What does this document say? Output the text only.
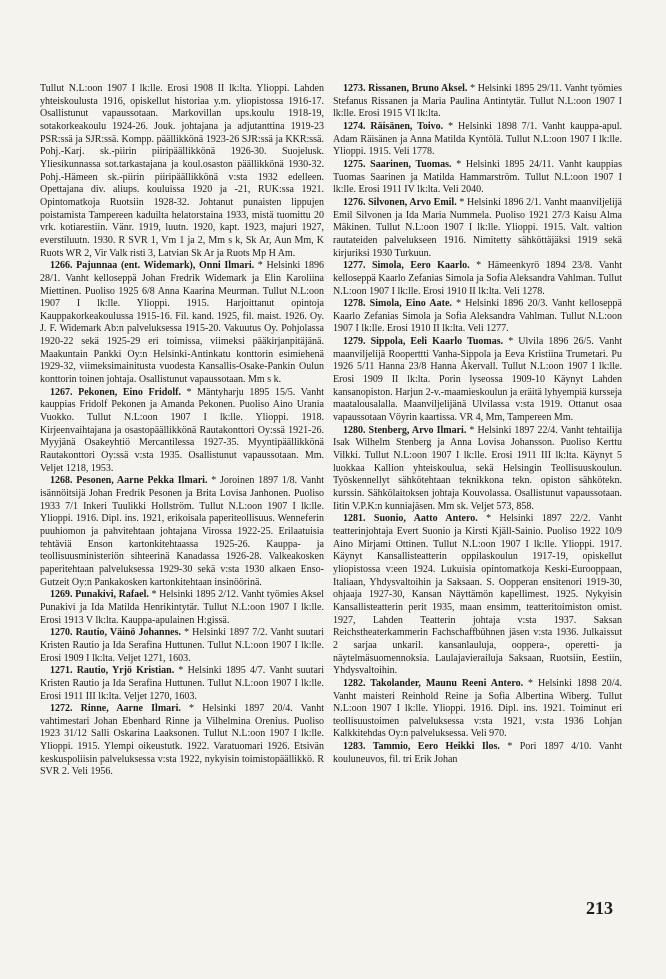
Tullut N.L:oon 1907 I lk:lle. Erosi 1908 II lk:lta. Ylioppi. Lahden yhteiskoulusta 1916, opiskellut historiaa y.m. yliopistossa 1916-17. Osallistunut vapaussotaan. Markovillan ups.koulu 1918-19, sotakorkeakoulu 1924-26. Jouk. johtajana ja adjutanttina 1919-23 PSR:ssä ja SJR:ssä. Kompp. päällikkönä 1923-26 SJR:ssä ja KKR:ssä. Pohj.-Karj. sk.-piirin piiripäällikkönä 1926-30. Suojelusk. Yliesikunnassa sot.tarkastajana ja koul.osaston päällikkönä 1930-32. Pohj.-Hämeen sk.-piirin piiripäällikkönä v:sta 1932 edelleen. Opettajana div. aliups. kouluissa 1920 ja -21, RUK:ssa 1921. Opintomatkoja Ruotsiin 1928-32. Johtanut punaisten lippujen poistamista Tampereen kaduilta helatorstaina 1933, mistä tuomittu 20 vrk. kotiarestiin. Vänr. 1919, luutn. 1920, kapt. 1923, majuri 1927, everstiluutn. 1930. R SVR 1, Vm 1 ja 2, Mm s k, Sk Ar, Aun Mm, K Ruots WR 2, Vir Valk risti 3, Latvian Sk Ar ja Ruots Mp H Am.

1266. Pajunnaa (ent. Widemark), Onni Ilmari. * Helsinki 1896 28/1. Vanht kelloseppä Johan Fredrik Widemark ja Elin Karoliina Miettinen. Puoliso 1925 6/8 Anna Kaarina Meurman. Tullut N.L:oon 1907 I lk:lle. Ylioppi. 1915. Harjoittanut opintoja Kauppakorkeakoulussa 1915-16. Fil. kand. 1925, fil. maist. 1926. Oy. J. F. Widemark Ab:n palveluksessa 1915-20. Vakuutus Oy. Pohjolassa 1920-22 sekä 1925-29 eri toimissa, viimeksi pääkirjanpitäjänä. Maakuntain Pankki Oy:n Helsinki-Antinkatu konttorin esimiehenä 1929-32, viimeksimainitusta vuodesta Kansallis-Osake-Pankin Oulun konttorin toinen johtaja. Osallistunut vapaussotaan. Mm s k.

1267. Pekonen, Eino Fridolf. * Mäntyharju 1895 15/5. Vanht kauppias Fridolf Pekonen ja Amanda Pekonen. Puoliso Aino Urania Vuokko. Tullut N.L:oon 1907 I lk:lle. Ylioppi. 1918. Kirjeenvaihtajana ja osastopäällikkönä Rautakonttori Oy:ssä 1921-26. Myyjänä Osakeyhtiö Mercantilessa 1927-35. Myyntipäällikkönä Rautakonttori Oy:ssä v:sta 1935. Osallistunut vapaussotaan. Mm. Veljet 1218, 1953.

1268. Pesonen, Aarne Pekka Ilmari. * Joroinen 1897 1/8. Vanht isännöitsijä Johan Fredrik Pesonen ja Brita Lovisa Janhonen. Puoliso 1933 7/1 Inkeri Tuulikki Hollström. Tullut N.L:oon 1907 I lk:lle. Ylioppi. 1916. Dipl. ins. 1921, erikoisala paperiteollisuus. Wenneferin puuhiomon ja pahvitehtaan johtajana Virossa 1922-25. Erilaatuisia tehtäviä Enson kartonkitehtaassa 1925-26. Kauppa- ja teollisuusministeriön sihteerinä Kanadassa 1926-28. Valkeakosken paperitehtaan palveluksessa 1929-30 sekä v:sta 1930 alkaen Enso-Gutzeit Oy:n Pankakosken kartonkitehtaan insinöörinä.

1269. Punakivi, Rafael. * Helsinki 1895 2/12. Vanht työmies Aksel Punakivi ja Ida Matilda Henrikintytär. Tullut N.L:oon 1907 I lk:lle. Erosi 1913 V lk:lta. Kauppa-apulainen H:gissä.

1270. Rautio, Väinö Johannes. * Helsinki 1897 7/2. Vanht suutari Kristen Rautio ja Ida Serafina Huttunen. Tullut N.L:oon 1907 I lk:lle. Erosi 1909 I lk:lta. Veljet 1271, 1603.

1271. Rautio, Yrjö Kristian. * Helsinki 1895 4/7. Vanht suutari Kristen Rautio ja Ida Serafina Huttunen. Tullut N.L:oon 1907 I lk:lle. Erosi 1911 III lk:lta. Veljet 1270, 1603.

1272. Rinne, Aarne Ilmari. * Helsinki 1897 20/4. Vanht vahtimestari Johan Ebenhard Rinne ja Vilhelmina Orenius. Puoliso 1923 31/12 Salli Oskarina Laaksonen. Tullut N.L:oon 1907 I lk:lle. Ylioppi. 1915. Ylempi oikeustutk. 1922. Varatuomari 1926. Etsivän keskuspoliisin palveluksessa v:sta 1922, nykyisin toimistopäällikkö. R SVR 2. Veli 1956.

1273. Rissanen, Bruno Aksel. * Helsinki 1895 29/11. Vanht työmies Stefanus Rissanen ja Maria Paulina Antintytär. Tullut N.L:oon 1907 I lk:lle. Erosi 1915 VI lk:lta.

1274. Räisänen, Toivo. * Helsinki 1898 7/1. Vanht kauppa-apul. Adam Räisänen ja Anna Matilda Kyntölä. Tullut N.L:oon 1907 I lk:lle. Ylioppi. 1915. Veli 1778.

1275. Saarinen, Tuomas. * Helsinki 1895 24/11. Vanht kauppias Tuomas Saarinen ja Matilda Hammarström. Tullut N.L:oon 1907 I lk:lle. Erosi 1911 IV lk:lta. Veli 2040.

1276. Silvonen, Arvo Emil. * Helsinki 1896 2/1. Vanht maanviljelijä Emil Silvonen ja Ida Maria Nummela. Puoliso 1921 27/3 Kaisu Alma Mäkinen. Tullut N.L:oon 1907 I lk:lle. Ylioppi. 1915. Valt. valtion rautateiden palvelukseen 1916. Nimitetty sähköttäjäksi 1919 sekä kirjuriksi 1930 Turkuun.

1277. Simola, Eero Kaarlo. * Hämeenkyrö 1894 23/8. Vanht kelloseppä Kaarlo Zefanias Simola ja Sofia Aleksandra Vahlman. Tullut N.L:oon 1907 I lk:lle. Erosi 1910 II lk:lta. Veli 1278.

1278. Simola, Eino Aate. * Helsinki 1896 20/3. Vanht kelloseppä Kaarlo Zefanias Simola ja Sofia Aleksandra Vahlman. Tullut N.L:oon 1907 I lk:lle. Erosi 1910 II lk:lta. Veli 1277.

1279. Sippola, Eeli Kaarlo Tuomas. * Ulvila 1896 26/5. Vanht maanviljelijä Rooperttti Vanha-Sippola ja Eeva Kristiina Trumetari. Pu 1926 5/11 Hanna 23/8 Hanna Åkervall. Tullut N.L:oon 1907 I lk:lle. Erosi 1909 II lk:lta. Porin lyseossa 1909-10 Käynyt Lahden kansanopiston. Harjun 2-v.-maamieskoulun ja eräitä lyhyempiä kursseja maatalousalalla. Maanviljelijänä Ulvilassa v:sta 1919. Ottanut osaa vapaussotaan Vöyrin kaartissa. VR 4, Mm, Tampereen Mm.

1280. Stenberg, Arvo Ilmari. * Helsinki 1897 22/4. Vanht tehtailija Isak Wilhelm Stenberg ja Anna Lovisa Johansson. Puoliso Kerttu Vilkki. Tullut N.L:oon 1907 I lk:lle. Erosi 1911 III lk:lta. Käynyt 5 luokkaa Kallion yhteiskoulua, sekä Helsingin Teollisuuskoulun. Työskennellyt sähkötehtaan teknikkona tekn. opiston sähkötekn. kurssin. Sähkölaitoksen johtaja Kouvolassa. Osallistunut vapaussotaan. Iitin V.P.K:n kunniajäsen. Mm sk. Veljet 573, 858.

1281. Suonio, Aatto Antero. * Helsinki 1897 22/2. Vanht teatterinjohtaja Evert Suonio ja Kirsti Kjäll-Sainio. Puoliso 1922 10/9 Aino Mirjami Ottinen. Tullut N.L:oon 1907 I lk:lle. Ylioppi. 1917. Käynyt Kansallisteatterin oppilaskoulun 1917-19, opiskellut yliopistossa v:een 1924. Lukuisia opintomatkoja Keski-Eurooppaan, Italiaan, Yhdysvaltoihin ja Saksaan. S. Oopperan ensitenori 1919-30, ohjaaja 1927-30, Kansan Näyttämön kapellimest. 1925. Nykyisin Kansallisteatterin perit 1935, maan ensimm, teatteritoimiston omist. 1927, Lahden Teatterin johtaja v:sta 1937. Saksan Reichstheaterkammerin Fachschaffbühnen jäsen v:sta 1936. Julkaissut 2 sarjaa unkaril. kansanlauluja, ooppera-, operetti- ja näytelmäsuomennoksia. Laulajavierailuja Saksaan, Ruotsiin, Eestiin, Yhdysvaltoihin.

1282. Takolander, Maunu Reeni Antero. * Helsinki 1898 20/4. Vanht maisteri Reinhold Reine ja Sofia Albertina Wiberg. Tullut N.L:oon 1907 I lk:lle. Ylioppi. 1916. Dipl. ins. 1921. Toiminut eri teollisuustoimen palveluksessa v:sta 1921, v:sta 1936 Lohjan Kalkkitehdas Oy:n palveluksessa. Veli 970.

1283. Tammio, Eero Heikki Ilos. * Pori 1897 4/10. Vanht kouluneuvos, fil. tri Erik Johan

213
